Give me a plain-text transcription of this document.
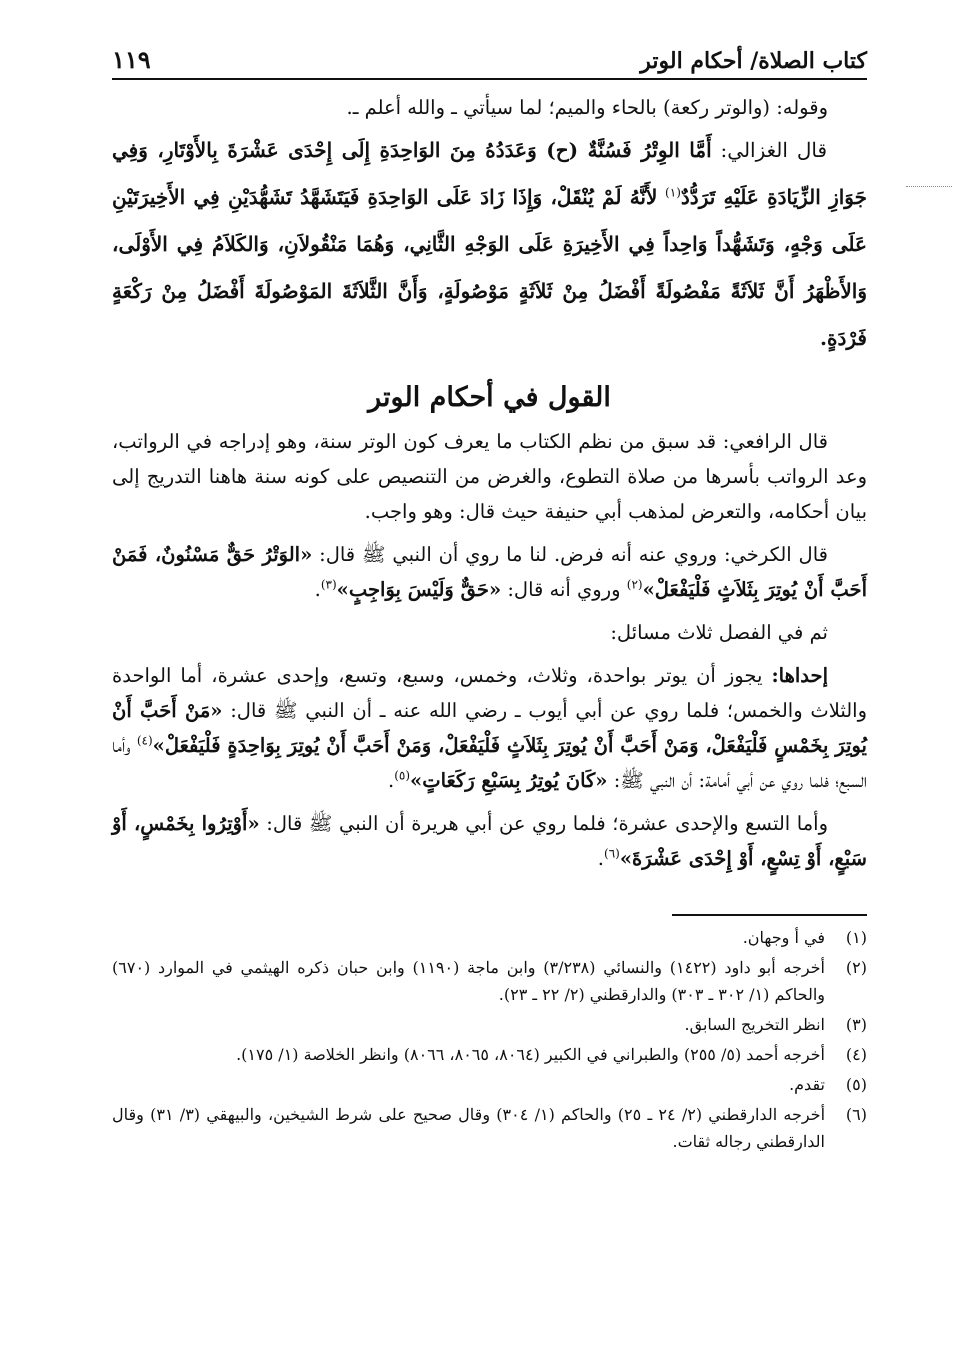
كتاب الصلاة/ أحكام الوتر
١١٩

وقوله: (والوتر ركعة) بالحاء والميم؛ لما سيأتي ـ والله أعلم ـ.

قال الغزالي: أَمَّا الوِتْرُ فَسُنَّةٌ (ح) وَعَدَدُهُ مِنَ الوَاحِدَةِ إِلَى إِحْدَى عَشْرَةَ بِالأَوْتَارِ، وَفِي جَوَازِ الزِّيَادَةِ عَلَيْهِ تَرَدُّدٌ$^{(١)}$ لأَنَّهُ لَمْ يُنْقَلْ، وَإِذَا زَادَ عَلَى الوَاحِدَةِ فَيَتَشَهَّدُ تَشَهُّدَيْنِ فِي الأَخِيرَتَيْنِ عَلَى وَجْهٍ، وَتَشَهُّداً وَاحِداً فِي الأَخِيرَةِ عَلَى الوَجْهِ الثَّانِي، وَهُمَا مَنْقُولاَنِ، وَالكَلاَمُ فِي الأَوْلَى، وَالأَظْهَرُ أَنَّ ثَلاَثَةً مَفْصُولَةً أَفْضَلُ مِنْ ثَلاَثَةٍ مَوْصُولَةٍ، وَأَنَّ الثَّلاَثَةَ المَوْصُولَةَ أَفْضَلُ مِنْ رَكْعَةٍ فَرْدَةٍ.

القول في أحكام الوتر

قال الرافعي: قد سبق من نظم الكتاب ما يعرف كون الوتر سنة، وهو إدراجه في الرواتب، وعد الرواتب بأسرها من صلاة التطوع، والغرض من التنصيص على كونه سنة هاهنا التدريج إلى بيان أحكامه، والتعرض لمذهب أبي حنيفة حيث قال: وهو واجب.

قال الكرخي: وروي عنه أنه فرض. لنا ما روي أن النبي ﷺ قال: «الوَتْرُ حَقٌّ مَسْنُونٌ، فَمَنْ أَحَبَّ أَنْ يُوتِرَ بِثَلاَثٍ فَلْيَفْعَلْ»$^{(٢)}$ وروي أنه قال: «حَقٌّ وَلَيْسَ بِوَاجِبٍ»$^{(٣)}$.

ثم في الفصل ثلاث مسائل:

إحداها: يجوز أن يوتر بواحدة، وثلاث، وخمس، وسبع، وتسع، وإحدى عشرة، أما الواحدة والثلاث والخمس؛ فلما روي عن أبي أيوب ـ رضي الله عنه ـ أن النبي ﷺ قال: «مَنْ أَحَبَّ أَنْ يُوتِرَ بِخَمْسٍ فَلْيَفْعَلْ، وَمَنْ أَحَبَّ أَنْ يُوتِرَ بِثَلاَثٍ فَلْيَفْعَلْ، وَمَنْ أَحَبَّ أَنْ يُوتِرَ بِوَاحِدَةٍ فَلْيَفْعَلْ»$^{(٤)}$ وأما السبع؛ فلما روي عن أبي أمامة: أن النبي ﷺ: «كَانَ يُوتِرُ بِسَبْعِ رَكَعَاتٍ»$^{(٥)}$.

وأما التسع والإحدى عشرة؛ فلما روي عن أبي هريرة أن النبي ﷺ قال: «أَوْتِرُوا بِخَمْسٍ، أَوْ سَبْعٍ، أَوْ تِسْعٍ، أَوْ إِحْدَى عَشْرَةَ»$^{(٦)}$.

(١)
في أ وجهان.
(٢)
أخرجه أبو داود (١٤٢٢) والنسائي (٣/٢٣٨) وابن ماجة (١١٩٠) وابن حبان ذكره الهيثمي في الموارد (٦٧٠) والحاكم (١/ ٣٠٢ ـ ٣٠٣) والدارقطني (٢/ ٢٢ ـ ٢٣).
(٣)
انظر التخريج السابق.
(٤)
أخرجه أحمد (٥/ ٢٥٥) والطبراني في الكبير (٨٠٦٤، ٨٠٦٥، ٨٠٦٦) وانظر الخلاصة (١/ ١٧٥).
(٥)
تقدم.
(٦)
أخرجه الدارقطني (٢/ ٢٤ ـ ٢٥) والحاكم (١/ ٣٠٤) وقال صحيح على شرط الشيخين، والبيهقي (٣/ ٣١) وقال الدارقطني رجاله ثقات.
